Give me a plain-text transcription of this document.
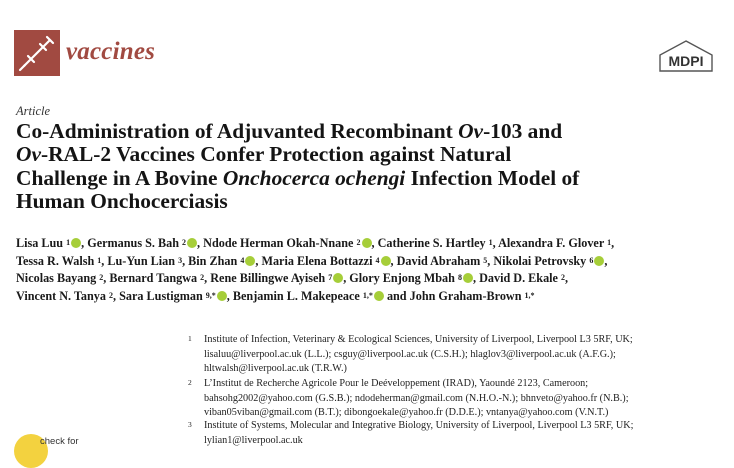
vaccines	MDPI
Article
Co-Administration of Adjuvanted Recombinant Ov-103 and
Ov-RAL-2 Vaccines Confer Protection against Natural
Challenge in A Bovine Onchocerca ochengi Infection Model of
Human Onchocerciasis
Lisa Luu $^1$ , Germanus S. Bah $^2$ , Ndode Herman Okah-Nnane $^2$ , Catherine S. Hartley $^1$, Alexandra F. Glover $^1$,
Tessa R. Walsh $^1$, Lu-Yun Lian $^3$, Bin Zhan $^4$ , Maria Elena Bottazzi $^4$ , David Abraham $^5$, Nikolai Petrovsky $^6$ ,
Nicolas Bayang $^2$, Bernard Tangwa $^2$, Rene Billingwe Ayiseh $^7$ , Glory Enjong Mbah $^8$ , David D. Ekale $^2$,
Vincent N. Tanya $^2$, Sara Lustigman $^{9,*}$ , Benjamin L. Makepeace $^{1,*}$ and John Graham-Brown $^{1,*}$
1 Institute of Infection, Veterinary & Ecological Sciences, University of Liverpool, Liverpool L3 5RF, UK;
lisaluu@liverpool.ac.uk (L.L.); csguy@liverpool.ac.uk (C.S.H.); hlaglov3@liverpool.ac.uk (A.F.G.);
hltwalsh@liverpool.ac.uk (T.R.W.)
2 L’Institut de Recherche Agricole Pour le Deéveloppement (IRAD), Yaoundé 2123, Cameroon;
bahsohg2002@yahoo.com (G.S.B.); ndodeherman@gmail.com (N.H.O.-N.); bhnveto@yahoo.fr (N.B.);
viban05viban@gmail.com (B.T.); dibongoekale@yahoo.fr (D.D.E.); vntanya@yahoo.com (V.N.T.)
3 Institute of Systems, Molecular and Integrative Biology, University of Liverpool, Liverpool L3 5RF, UK;
lylian1@liverpool.ac.uk
check for
